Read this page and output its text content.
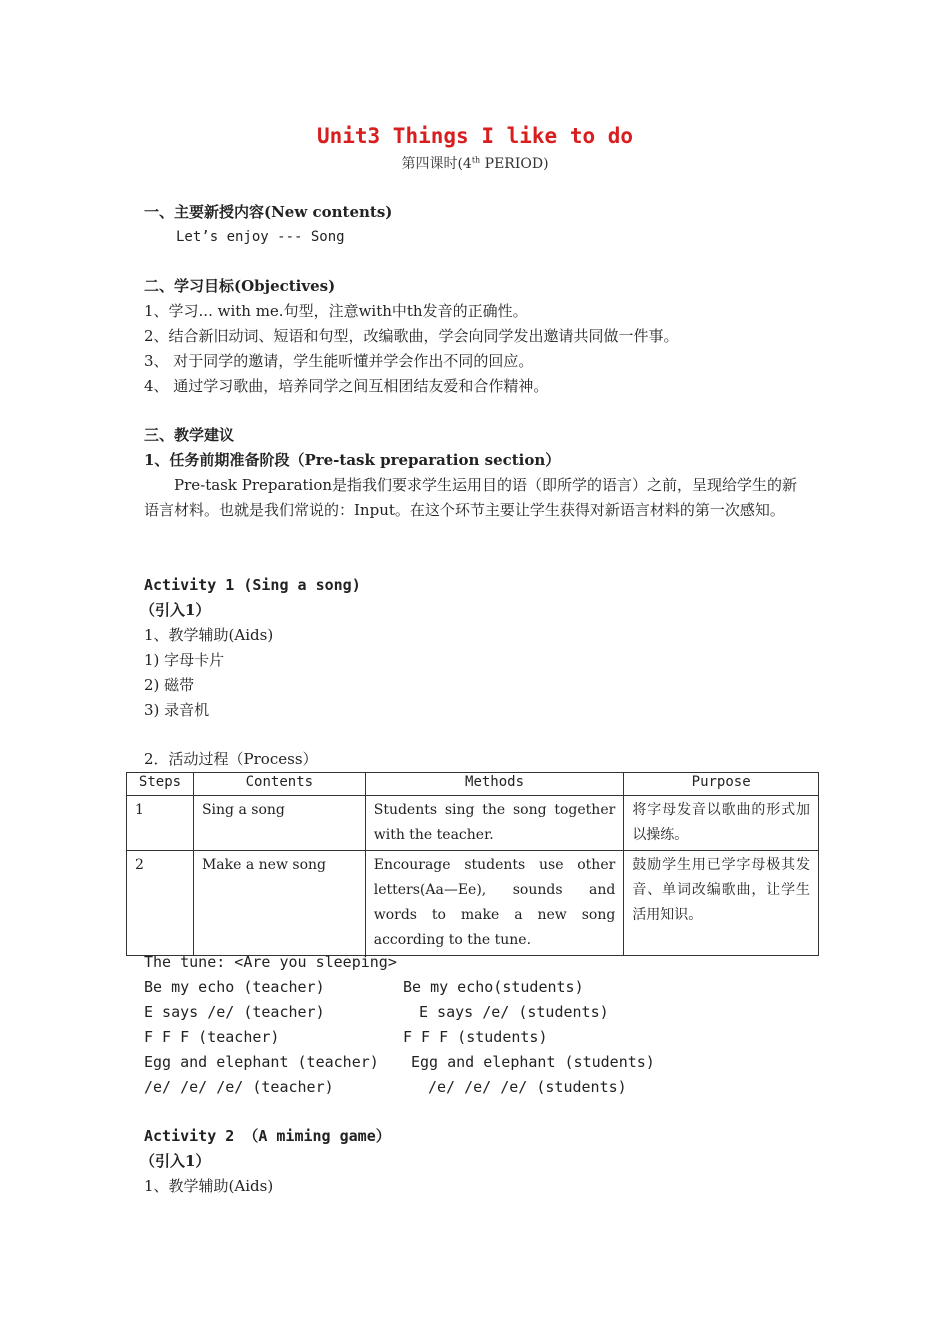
Unit3 Things I like to do
第四课时(4th PERIOD)
一、主要新授内容(New contents)
Let’s enjoy --- Song
二、学习目标(Objectives)
1、学习... with me.句型，注意with中th发音的正确性。
2、结合新旧动词、短语和句型，改编歌曲，学会向同学发出邀请共同做一件事。
3、 对于同学的邀请，学生能听懂并学会作出不同的回应。
4、 通过学习歌曲，培养同学之间互相团结友爱和合作精神。
三、教学建议
1、任务前期准备阶段（Pre-task preparation section）
　　Pre-task Preparation是指我们要求学生运用目的语（即所学的语言）之前，呈现给学生的新语言材料。也就是我们常说的：Input。在这个环节主要让学生获得对新语言材料的第一次感知。
Activity 1 (Sing a song)
（引入1）
1、教学辅助(Aids)
1) 字母卡片
2) 磁带
3) 录音机
2．活动过程（Process）
Steps	Contents	Methods	Purpose
1	Sing a song	Students sing the song together with the teacher.	将字母发音以歌曲的形式加以操练。
2	Make a new song	Encourage students use other letters(Aa—Ee), sounds and words to make a new song according to the tune.	鼓励学生用已学字母极其发音、单词改编歌曲，让学生活用知识。
The tune: <Are you sleeping>
Be my echo (teacher)	Be my echo(students)
E says /e/ (teacher)	E says /e/ (students)
F F F (teacher)	F F F (students)
Egg and elephant (teacher) Egg and elephant (students)
/e/ /e/ /e/ (teacher)	/e/ /e/ /e/ (students)
Activity 2 （A miming game）
（引入1）
1、教学辅助(Aids)
